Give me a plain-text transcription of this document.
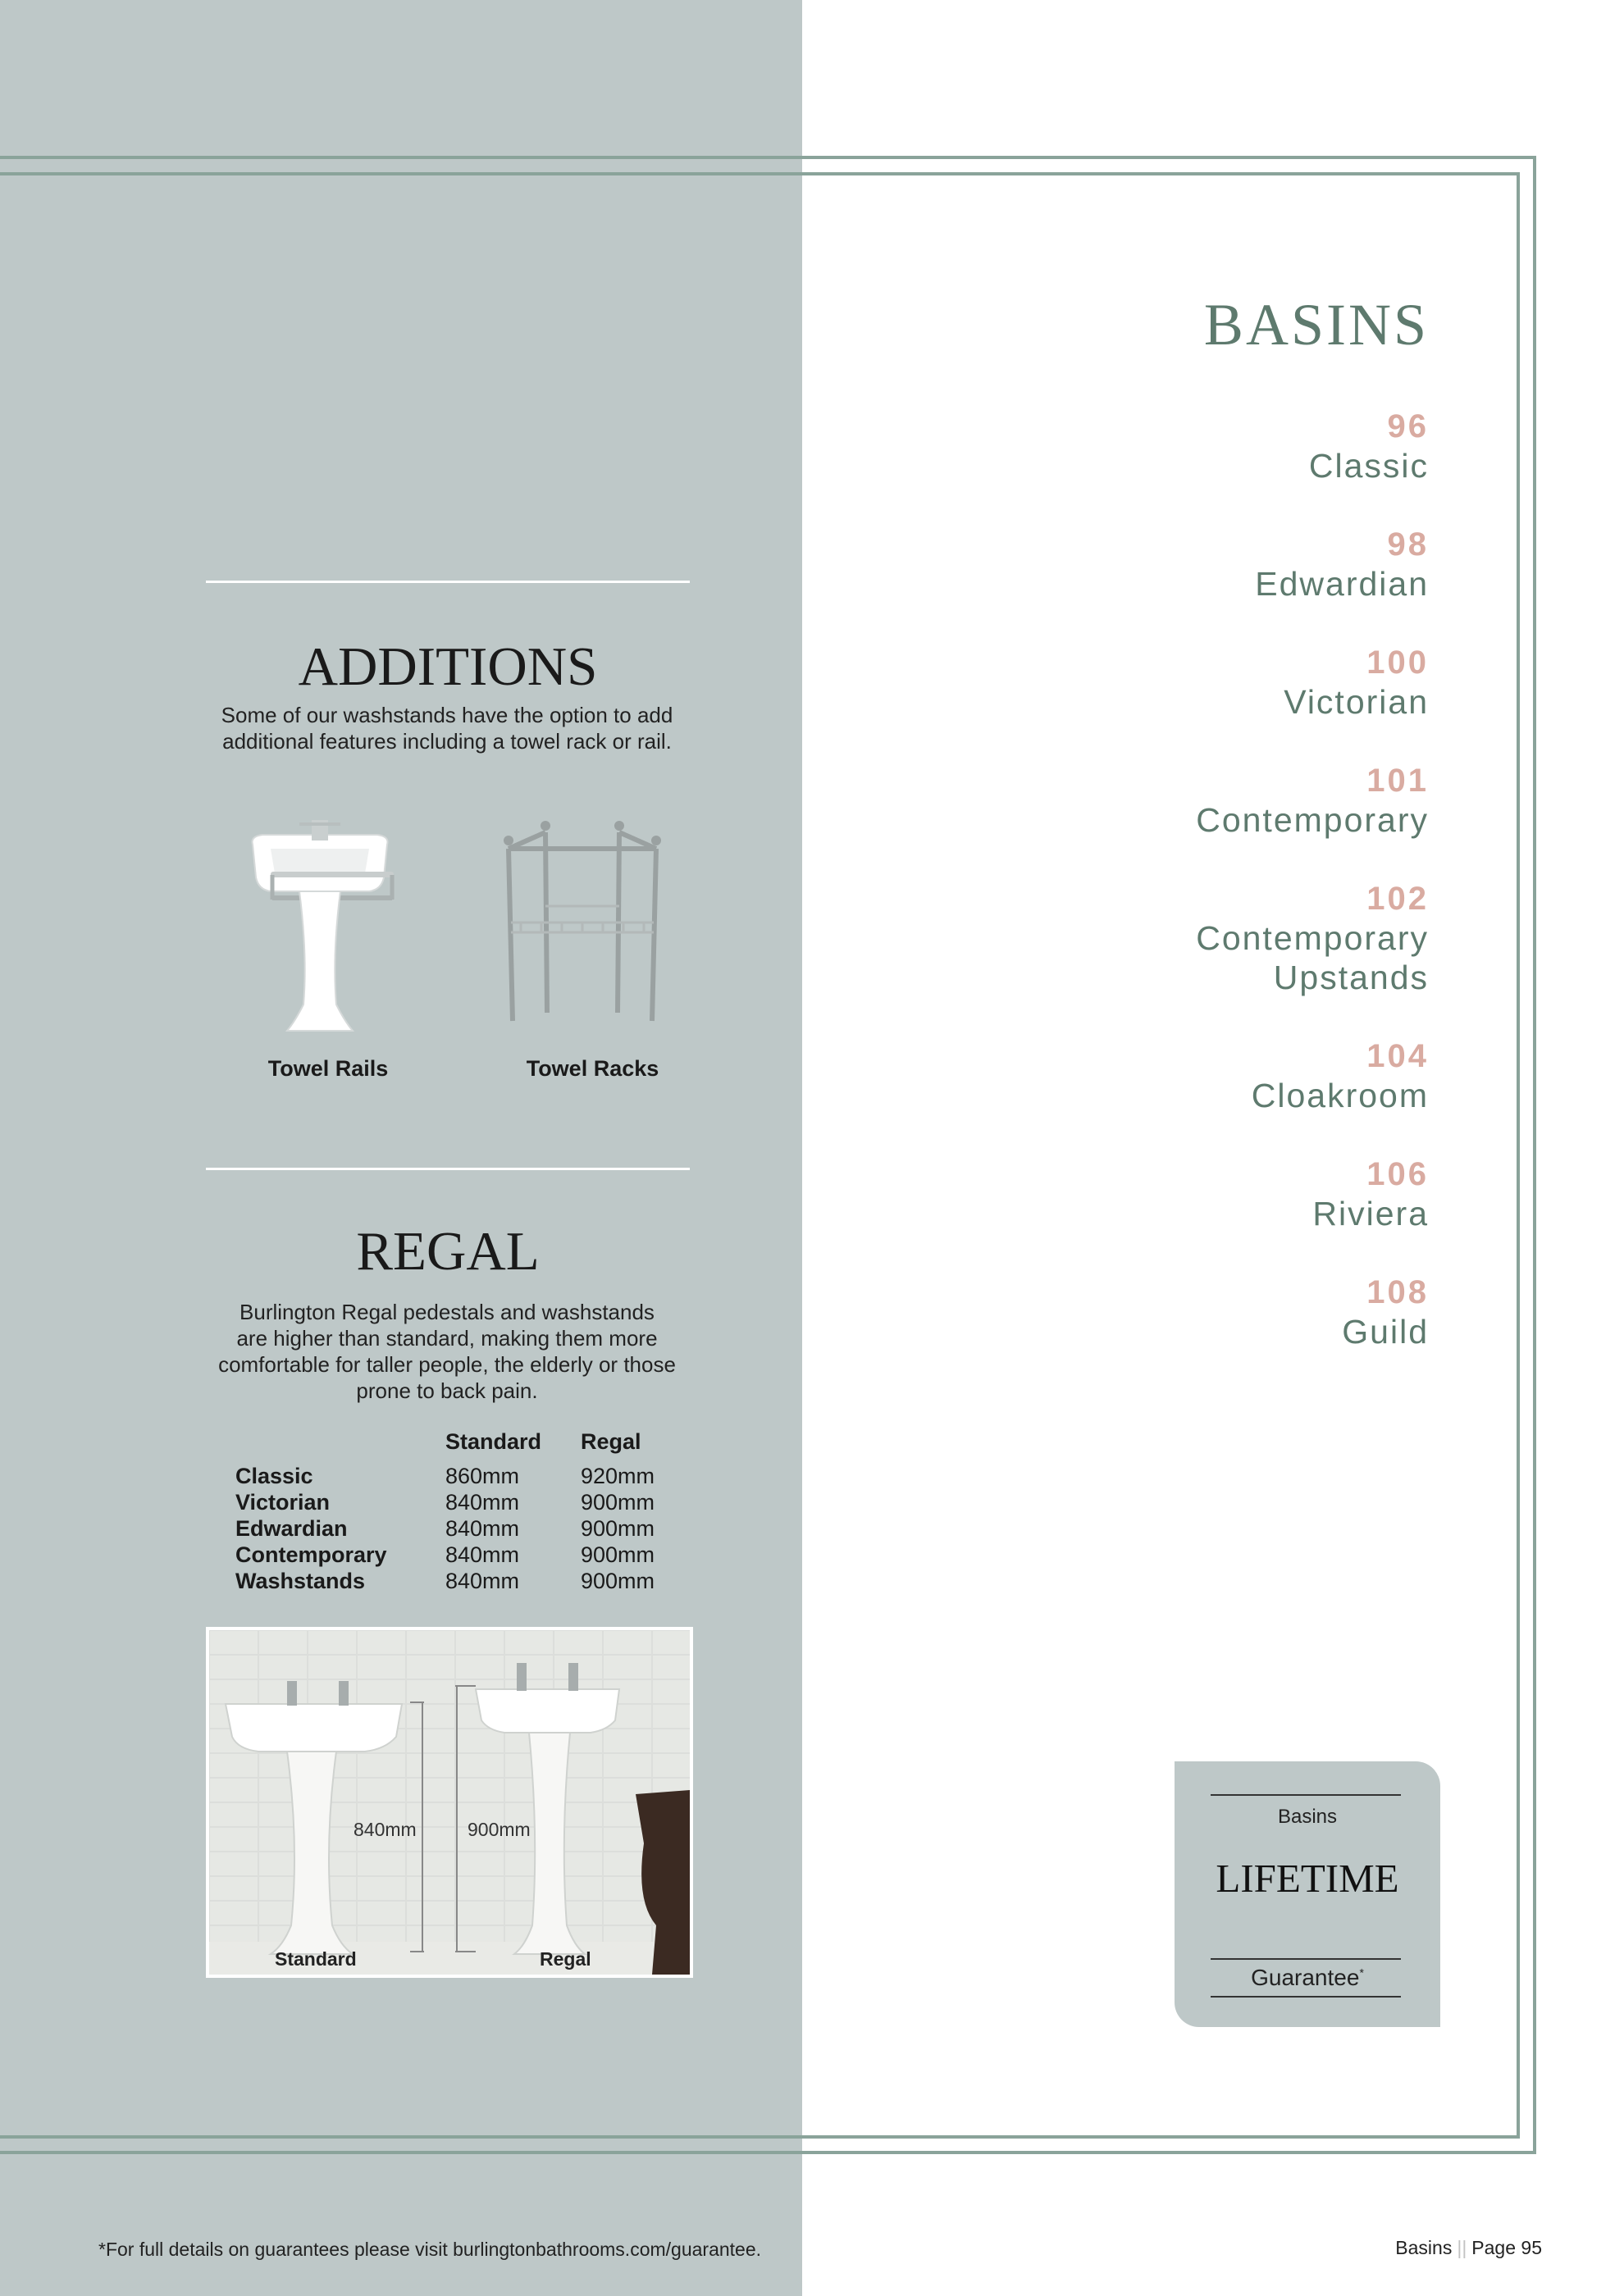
ADDITIONS
Some of our washstands have the option to add
additional features including a towel rack or rail.
Towel Rails	Towel Racks
REGAL
Burlington Regal pedestals and washstands
are higher than standard, making them more
comfortable for taller people, the elderly or those
prone to back pain.
Standard Regal
Classic	860mm	920mm
Victorian	840mm	900mm
Edwardian	840mm	900mm
Contemporary	840mm	900mm
Washstands	840mm	900mm
840mm	900mm
Standard	Regal
BASINS
96
Classic
98
Edwardian
100
Victorian
101
Contemporary
102
Contemporary
Upstands
104
Cloakroom
106
Riviera
108
Guild
Basins
LIFETIME
Guarantee*
*For full details on guarantees please visit burlingtonbathrooms.com/guarantee.	Basins || Page 95
